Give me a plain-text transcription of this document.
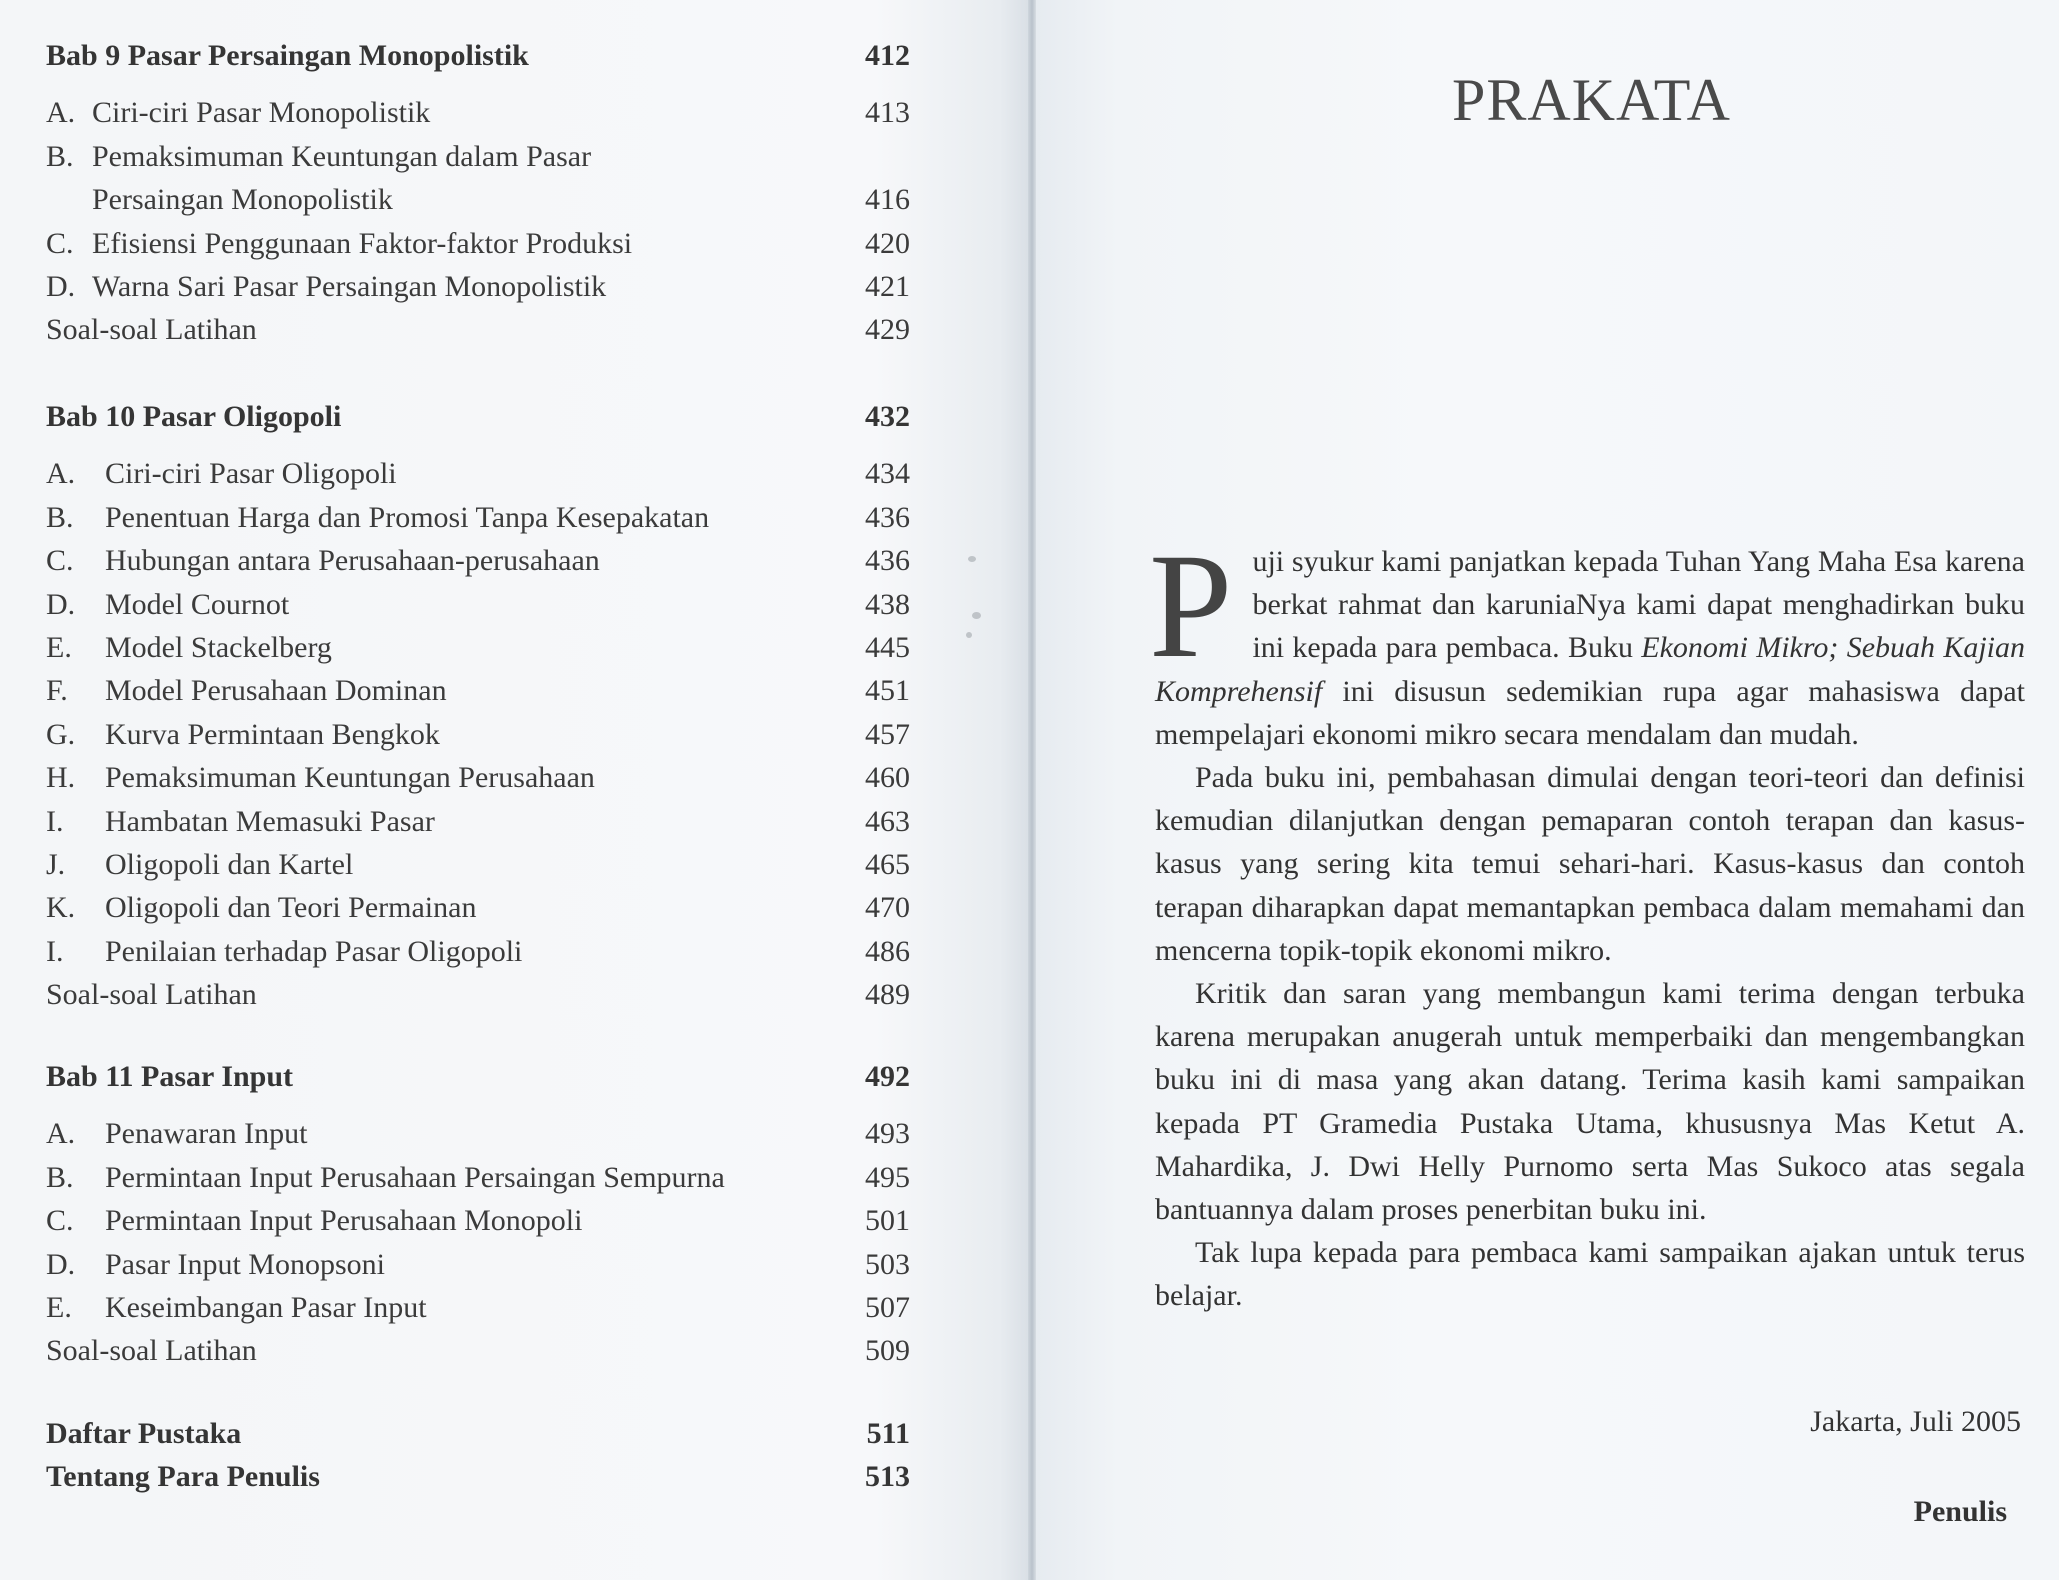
Bab 9 Pasar Persaingan Monopolistik	412
A. Ciri-ciri Pasar Monopolistik	413
B. Pemaksimuman Keuntungan dalam Pasar
Persaingan Monopolistik	416
C. Efisiensi Penggunaan Faktor-faktor Produksi	420
D. Warna Sari Pasar Persaingan Monopolistik	421
Soal-soal Latihan	429
Bab 10 Pasar Oligopoli	432
A. Ciri-ciri Pasar Oligopoli	434
B. Penentuan Harga dan Promosi Tanpa Kesepakatan	436
C. Hubungan antara Perusahaan-perusahaan	436
D. Model Cournot	438
E. Model Stackelberg	445
F. Model Perusahaan Dominan	451
G. Kurva Permintaan Bengkok	457
H. Pemaksimuman Keuntungan Perusahaan	460
I. Hambatan Memasuki Pasar	463
J. Oligopoli dan Kartel	465
K. Oligopoli dan Teori Permainan	470
I. Penilaian terhadap Pasar Oligopoli	486
Soal-soal Latihan	489
Bab 11 Pasar Input	492
A. Penawaran Input	493
B. Permintaan Input Perusahaan Persaingan Sempurna	495
C. Permintaan Input Perusahaan Monopoli	501
D. Pasar Input Monopsoni	503
E. Keseimbangan Pasar Input	507
Soal-soal Latihan	509
Daftar Pustaka	511
Tentang Para Penulis	513
PRAKATA

Puji syukur kami panjatkan kepada Tuhan Yang Maha Esa karena berkat rahmat dan karuniaNya kami dapat menghadirkan buku ini kepada para pembaca. Buku Ekonomi Mikro; Sebuah Kajian Komprehensif ini disusun sedemikian rupa agar mahasiswa dapat mempelajari ekonomi mikro secara mendalam dan mudah.

Pada buku ini, pembahasan dimulai dengan teori-teori dan definisi kemudian dilanjutkan dengan pemaparan contoh terapan dan kasus-kasus yang sering kita temui sehari-hari. Kasus-kasus dan contoh terapan diharapkan dapat memantapkan pembaca dalam memahami dan mencerna topik-topik ekonomi mikro.

Kritik dan saran yang membangun kami terima dengan terbuka karena merupakan anugerah untuk memperbaiki dan mengembangkan buku ini di masa yang akan datang. Terima kasih kami sampaikan kepada PT Gramedia Pustaka Utama, khususnya Mas Ketut A. Mahardika, J. Dwi Helly Purnomo serta Mas Sukoco atas segala bantuannya dalam proses penerbitan buku ini.

Tak lupa kepada para pembaca kami sampaikan ajakan untuk terus belajar.

Jakarta, Juli 2005
Penulis
